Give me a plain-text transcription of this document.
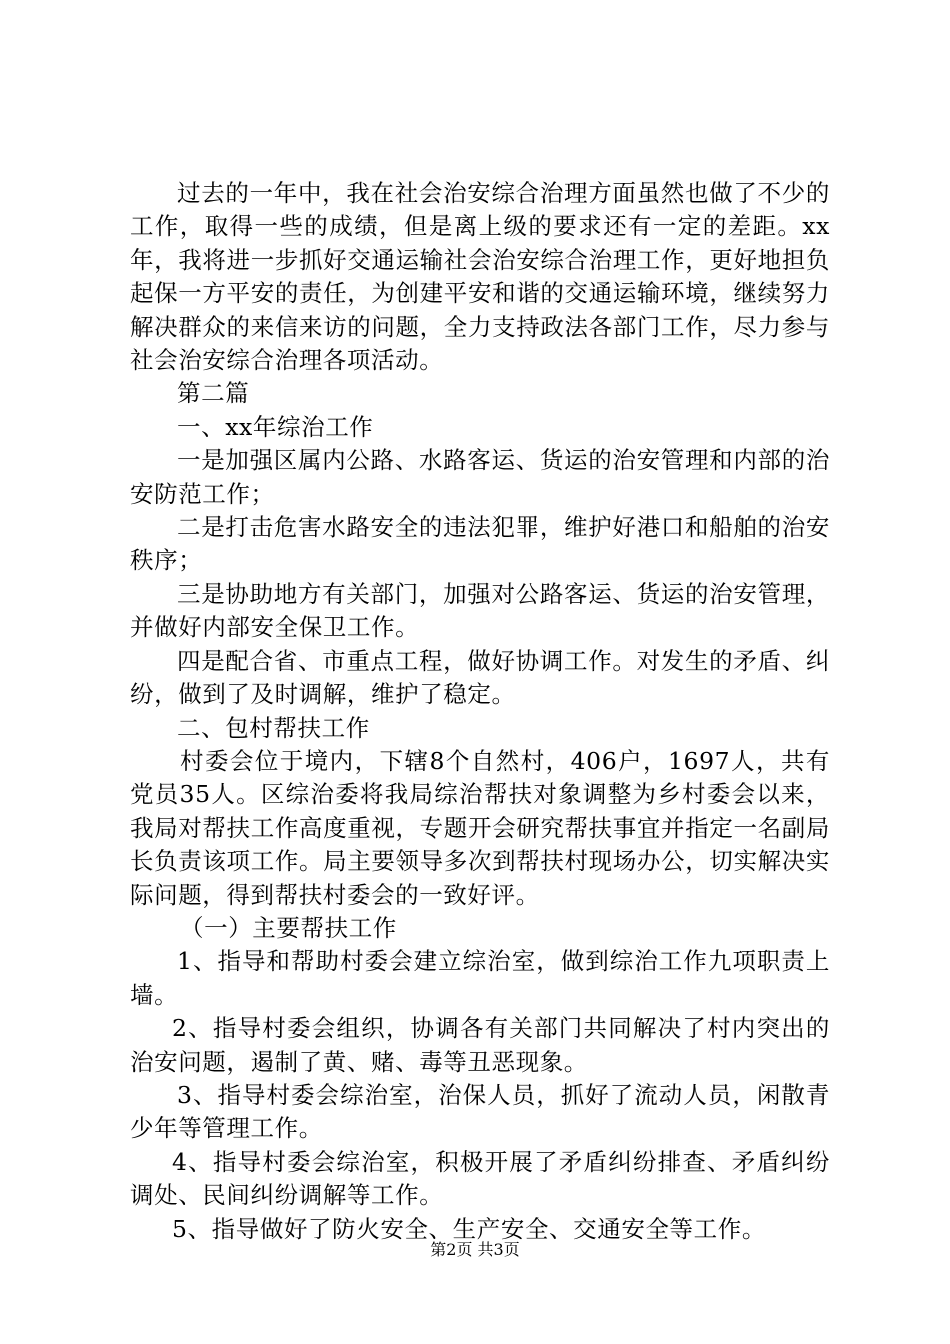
过去的一年中，我在社会治安综合治理方面虽然也做了不少的工作，取得一些的成绩，但是离上级的要求还有一定的差距。xx年，我将进一步抓好交通运输社会治安综合治理工作，更好地担负起保一方平安的责任，为创建平安和谐的交通运输环境，继续努力解决群众的来信来访的问题，全力支持政法各部门工作，尽力参与社会治安综合治理各项活动。

第二篇

一、xx年综治工作

一是加强区属内公路、水路客运、货运的治安管理和内部的治安防范工作；

二是打击危害水路安全的违法犯罪，维护好港口和船舶的治安秩序；

三是协助地方有关部门，加强对公路客运、货运的治安管理，并做好内部安全保卫工作。

四是配合省、市重点工程，做好协调工作。对发生的矛盾、纠纷，做到了及时调解，维护了稳定。

二、包村帮扶工作

村委会位于境内，下辖8个自然村，406户，1697人，共有党员35人。区综治委将我局综治帮扶对象调整为乡村委会以来，我局对帮扶工作高度重视，专题开会研究帮扶事宜并指定一名副局长负责该项工作。局主要领导多次到帮扶村现场办公，切实解决实际问题，得到帮扶村委会的一致好评。

（一）主要帮扶工作

1、指导和帮助村委会建立综治室，做到综治工作九项职责上墙。

2、指导村委会组织，协调各有关部门共同解决了村内突出的治安问题，遏制了黄、赌、毒等丑恶现象。

3、指导村委会综治室，治保人员，抓好了流动人员，闲散青少年等管理工作。

4、指导村委会综治室，积极开展了矛盾纠纷排查、矛盾纠纷调处、民间纠纷调解等工作。

5、指导做好了防火安全、生产安全、交通安全等工作。

第2页 共3页
